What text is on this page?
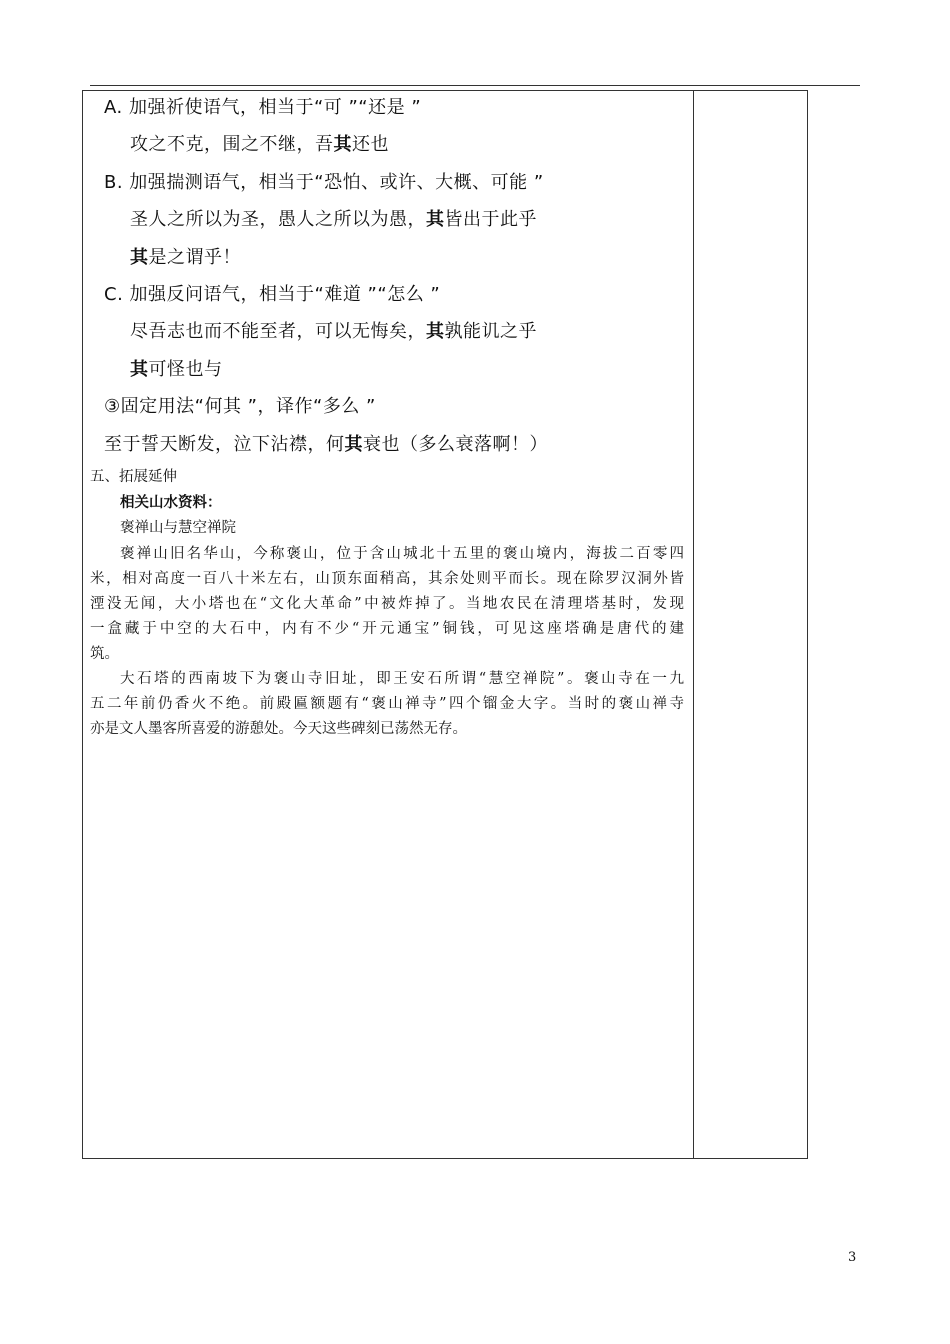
A. 加强祈使语气，相当于“可 ”“还是 ”
攻之不克，围之不继，吾其还也
B. 加强揣测语气，相当于“恐怕、或许、大概、可能 ”
圣人之所以为圣，愚人之所以为愚，其皆出于此乎
其是之谓乎！
C. 加强反问语气，相当于“难道 ”“怎么 ”
尽吾志也而不能至者，可以无悔矣，其孰能讥之乎
其可怪也与
③固定用法“何其 ”，译作“多么 ”
至于誓天断发，泣下沾襟，何其衰也（多么衰落啊！）
五、拓展延伸
相关山水资料：
褒禅山与慧空禅院
褒禅山旧名华山，今称褒山，位于含山城北十五里的褒山境内，海拔二百零四
米，相对高度一百八十米左右，山顶东面稍高，其余处则平而长。现在除罗汉洞外皆
湮没无闻，大小塔也在“文化大革命”中被炸掉了。当地农民在清理塔基时，发现
一盒藏于中空的大石中，内有不少“开元通宝”铜钱，可见这座塔确是唐代的建
筑。
大石塔的西南坡下为褒山寺旧址，即王安石所谓“慧空禅院”。褒山寺在一九
五二年前仍香火不绝。前殿匾额题有“褒山禅寺”四个镏金大字。当时的褒山禅寺
亦是文人墨客所喜爱的游憩处。今天这些碑刻已荡然无存。
3
